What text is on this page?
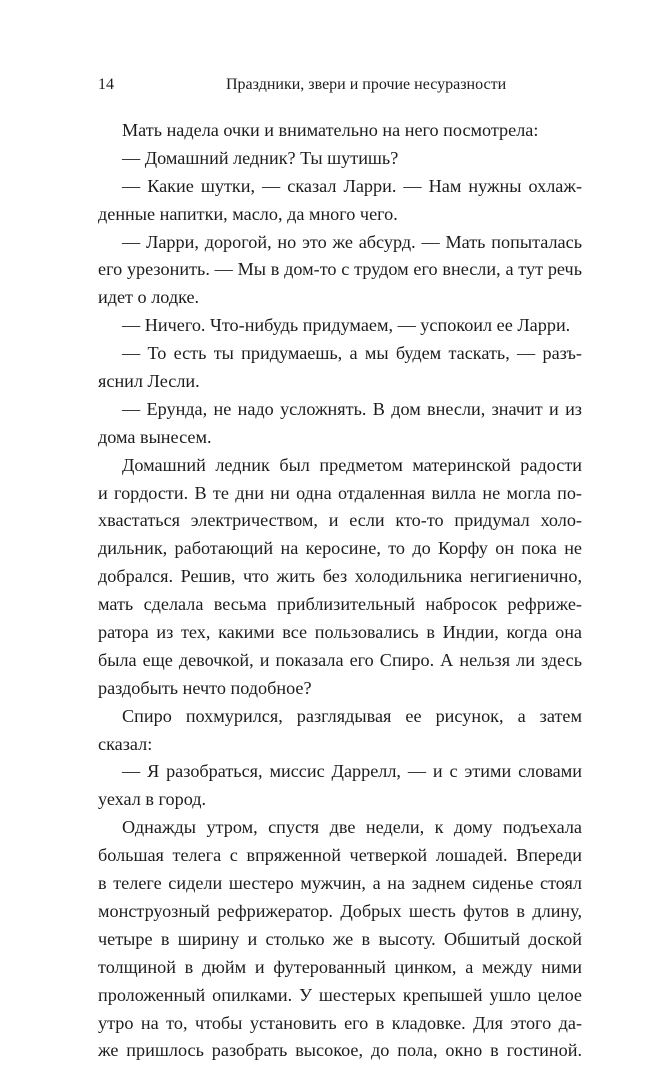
14	Праздники, звери и прочие несуразности
Мать надела очки и внимательно на него посмотрела:
— Домашний ледник? Ты шутишь?
— Какие шутки, — сказал Ларри. — Нам нужны охлаж-
денные напитки, масло, да много чего.
— Ларри, дорогой, но это же абсурд. — Мать попыталась
его урезонить. — Мы в дом-то с трудом его внесли, а тут речь
идет о лодке.
— Ничего. Что-нибудь придумаем, — успокоил ее Ларри.
— То есть ты придумаешь, а мы будем таскать, — разъ-
яснил Лесли.
— Ерунда, не надо усложнять. В дом внесли, значит и из
дома вынесем.
Домашний ледник был предметом материнской радости
и гордости. В те дни ни одна отдаленная вилла не могла по-
хвастаться электричеством, и если кто-то придумал холо-
дильник, работающий на керосине, то до Корфу он пока не
добрался. Решив, что жить без холодильника негигиенично,
мать сделала весьма приблизительный набросок рефриже-
ратора из тех, какими все пользовались в Индии, когда она
была еще девочкой, и показала его Спиро. А нельзя ли здесь
раздобыть нечто подобное?
Спиро похмурился, разглядывая ее рисунок, а затем
сказал:
— Я разобраться, миссис Даррелл, — и с этими словами
уехал в город.
Однажды утром, спустя две недели, к дому подъехала
большая телега с впряженной четверкой лошадей. Впереди
в телеге сидели шестеро мужчин, а на заднем сиденье стоял
монструозный рефрижератор. Добрых шесть футов в длину,
четыре в ширину и столько же в высоту. Обшитый доской
толщиной в дюйм и футерованный цинком, а между ними
проложенный опилками. У шестерых крепышей ушло целое
утро на то, чтобы установить его в кладовке. Для этого да-
же пришлось разобрать высокое, до пола, окно в гостиной.
